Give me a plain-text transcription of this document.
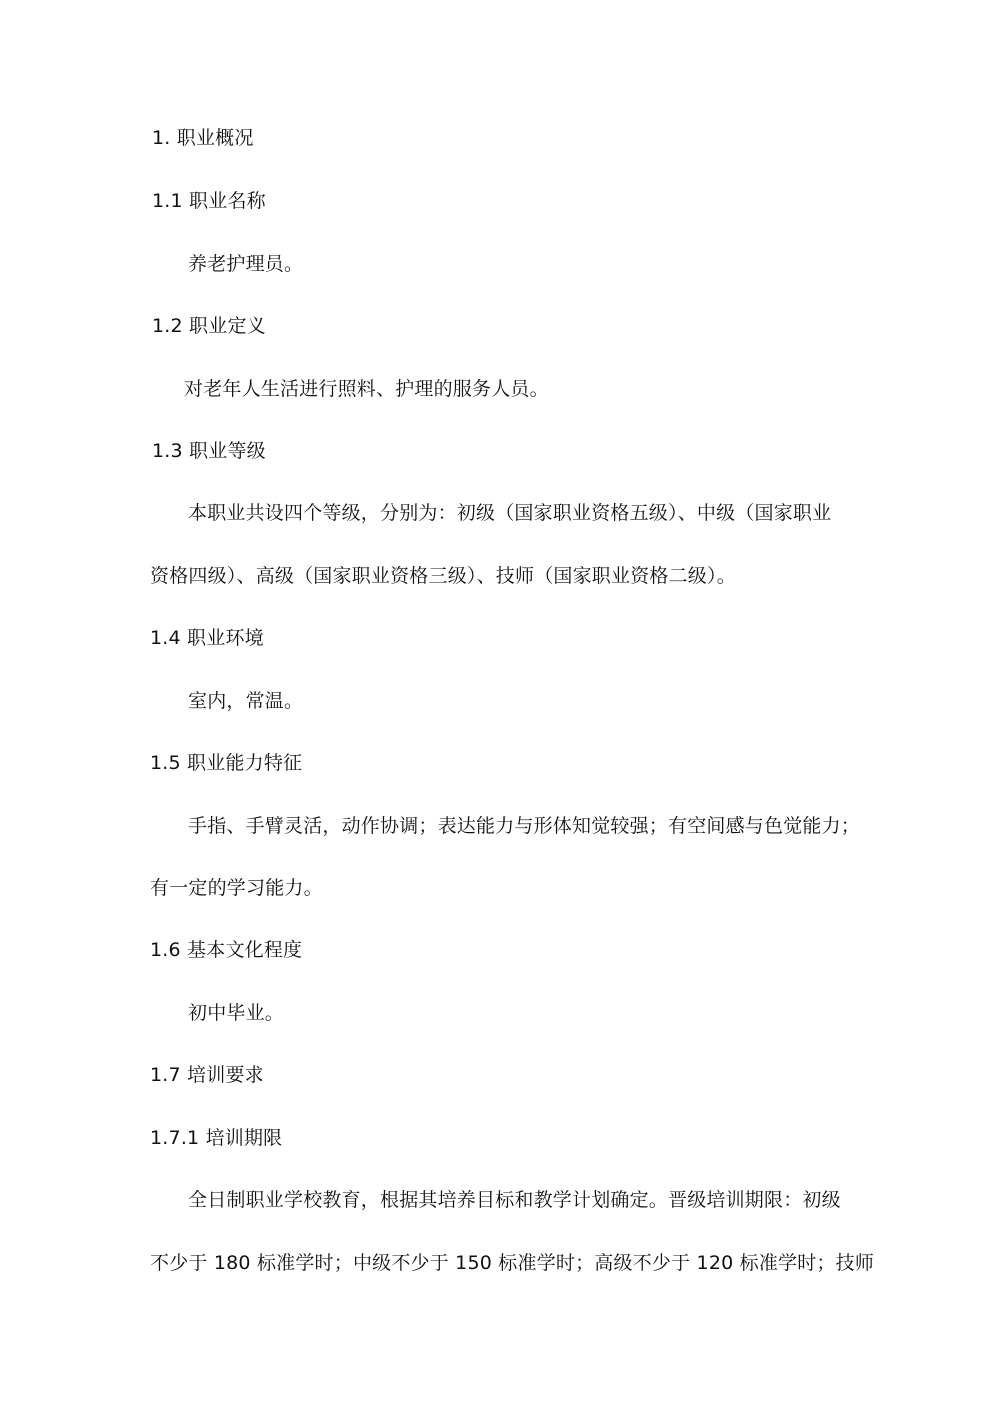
1. 职业概况
1.1 职业名称
养老护理员。
1.2 职业定义
对老年人生活进行照料、护理的服务人员。
1.3 职业等级
本职业共设四个等级，分别为：初级（国家职业资格五级）、中级（国家职业
资格四级）、高级（国家职业资格三级）、技师（国家职业资格二级）。
1.4 职业环境
室内，常温。
1.5 职业能力特征
手指、手臂灵活，动作协调；表达能力与形体知觉较强；有空间感与色觉能力；
有一定的学习能力。
1.6 基本文化程度
初中毕业。
1.7 培训要求
1.7.1 培训期限
全日制职业学校教育，根据其培养目标和教学计划确定。晋级培训期限：初级
不少于 180 标准学时；中级不少于 150 标准学时；高级不少于 120 标准学时；技师
